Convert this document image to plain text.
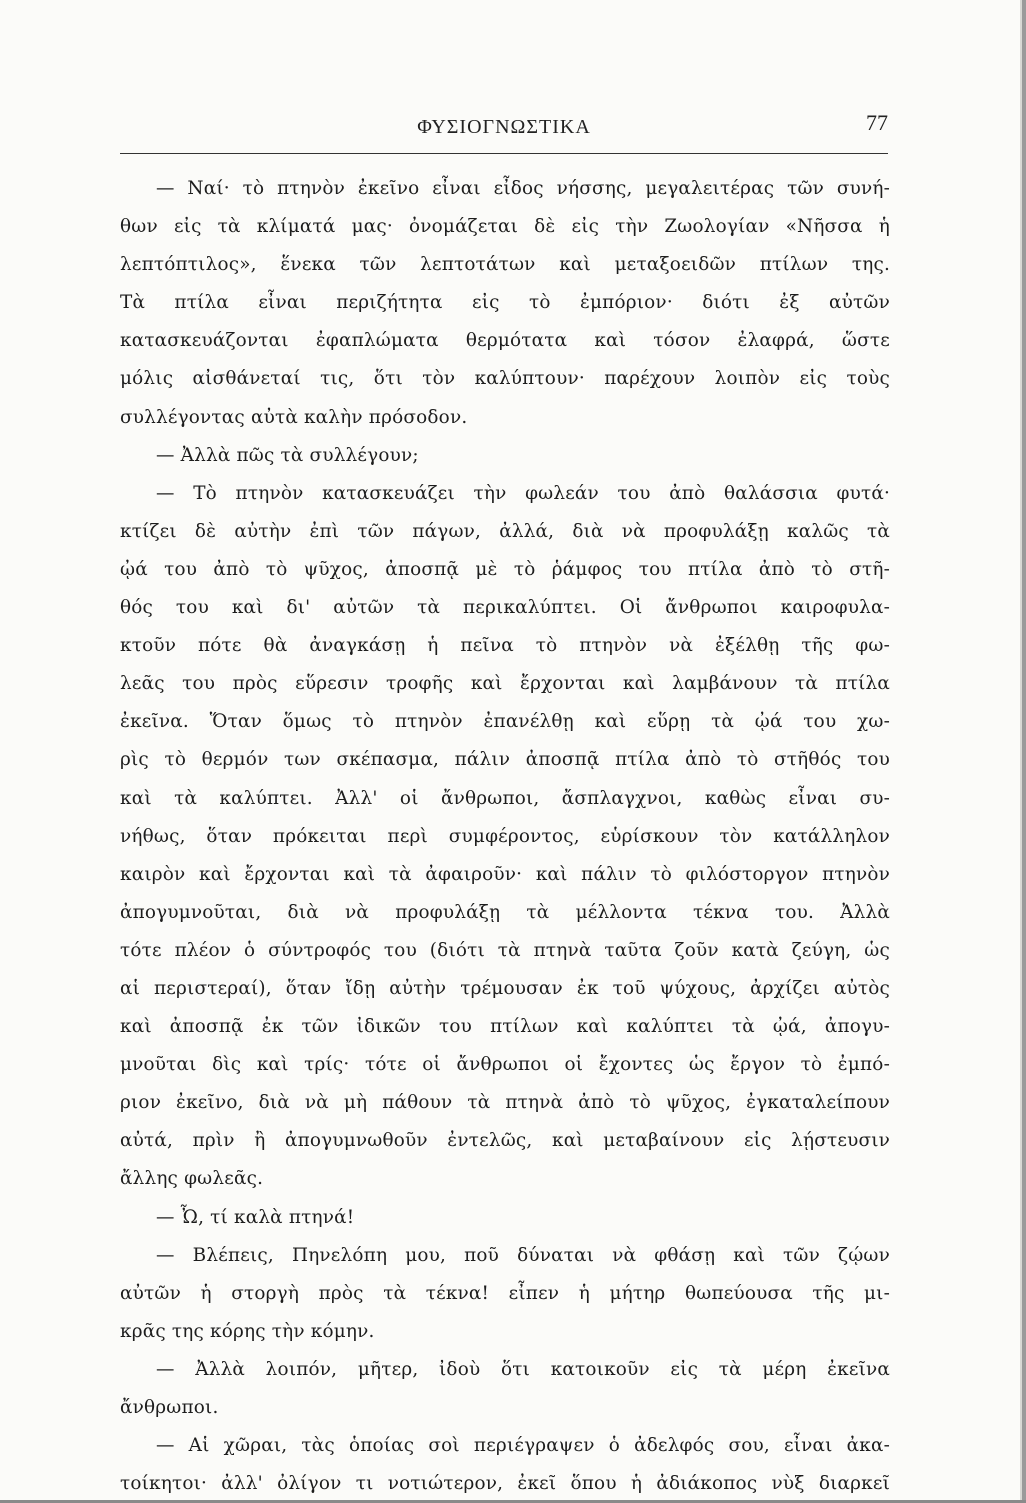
ΦΥΣΙΟΓΝΩΣΤΙΚΑ	77
— Ναί· τὸ πτηνὸν ἐκεῖνο εἶναι εἶδος νήσσης, μεγαλειτέρας τῶν συνή-
θων εἰς τὰ κλίματά μας· ὀνομάζεται δὲ εἰς τὴν Ζωολογίαν «Νῆσσα ἡ
λεπτόπτιλος», ἕνεκα τῶν λεπτοτάτων καὶ μεταξοειδῶν πτίλων της.
Τὰ πτίλα εἶναι περιζήτητα εἰς τὸ ἐμπόριον· διότι ἐξ αὐτῶν
κατασκευάζονται ἐφαπλώματα θερμότατα καὶ τόσον ἐλαφρά, ὥστε
μόλις αἰσθάνεταί τις, ὅτι τὸν καλύπτουν· παρέχουν λοιπὸν εἰς τοὺς
συλλέγοντας αὐτὰ καλὴν πρόσοδον.
— Ἀλλὰ πῶς τὰ συλλέγουν;
— Τὸ πτηνὸν κατασκευάζει τὴν φωλεάν του ἀπὸ θαλάσσια φυτά·
κτίζει δὲ αὐτὴν ἐπὶ τῶν πάγων, ἀλλά, διὰ νὰ προφυλάξῃ καλῶς τὰ
ᾠά του ἀπὸ τὸ ψῦχος, ἀποσπᾷ μὲ τὸ ῥάμφος του πτίλα ἀπὸ τὸ στῆ-
θός του καὶ δι' αὐτῶν τὰ περικαλύπτει. Οἱ ἄνθρωποι καιροφυλα-
κτοῦν πότε θὰ ἀναγκάσῃ ἡ πεῖνα τὸ πτηνὸν νὰ ἐξέλθῃ τῆς φω-
λεᾶς του πρὸς εὕρεσιν τροφῆς καὶ ἔρχονται καὶ λαμβάνουν τὰ πτίλα
ἐκεῖνα. Ὅταν ὅμως τὸ πτηνὸν ἐπανέλθῃ καὶ εὕρῃ τὰ ᾠά του χω-
ρὶς τὸ θερμόν των σκέπασμα, πάλιν ἀποσπᾷ πτίλα ἀπὸ τὸ στῆθός του
καὶ τὰ καλύπτει. Ἀλλ' οἱ ἄνθρωποι, ἄσπλαγχνοι, καθὼς εἶναι συ-
νήθως, ὅταν πρόκειται περὶ συμφέροντος, εὑρίσκουν τὸν κατάλληλον
καιρὸν καὶ ἔρχονται καὶ τὰ ἀφαιροῦν· καὶ πάλιν τὸ φιλόστοργον πτηνὸν
ἀπογυμνοῦται, διὰ νὰ προφυλάξῃ τὰ μέλλοντα τέκνα του. Ἀλλὰ
τότε πλέον ὁ σύντροφός του (διότι τὰ πτηνὰ ταῦτα ζοῦν κατὰ ζεύγη, ὡς
αἱ περιστεραί), ὅταν ἴδῃ αὐτὴν τρέμουσαν ἐκ τοῦ ψύχους, ἀρχίζει αὐτὸς
καὶ ἀποσπᾷ ἐκ τῶν ἰδικῶν του πτίλων καὶ καλύπτει τὰ ᾠά, ἀπογυ-
μνοῦται δὶς καὶ τρίς· τότε οἱ ἄνθρωποι οἱ ἔχοντες ὡς ἔργον τὸ ἐμπό-
ριον ἐκεῖνο, διὰ νὰ μὴ πάθουν τὰ πτηνὰ ἀπὸ τὸ ψῦχος, ἐγκαταλείπουν
αὐτά, πρὶν ἢ ἀπογυμνωθοῦν ἐντελῶς, καὶ μεταβαίνουν εἰς λῄστευσιν
ἄλλης φωλεᾶς.
— Ὦ, τί καλὰ πτηνά!
— Βλέπεις, Πηνελόπη μου, ποῦ δύναται νὰ φθάσῃ καὶ τῶν ζῴων
αὐτῶν ἡ στοργὴ πρὸς τὰ τέκνα! εἶπεν ἡ μήτηρ θωπεύουσα τῆς μι-
κρᾶς της κόρης τὴν κόμην.
— Ἀλλὰ λοιπόν, μῆτερ, ἰδοὺ ὅτι κατοικοῦν εἰς τὰ μέρη ἐκεῖνα
ἄνθρωποι.
— Αἱ χῶραι, τὰς ὁποίας σοὶ περιέγραψεν ὁ ἀδελφός σου, εἶναι ἀκα-
τοίκητοι· ἀλλ' ὀλίγον τι νοτιώτερον, ἐκεῖ ὅπου ἡ ἀδιάκοπος νὺξ διαρκεῖ
